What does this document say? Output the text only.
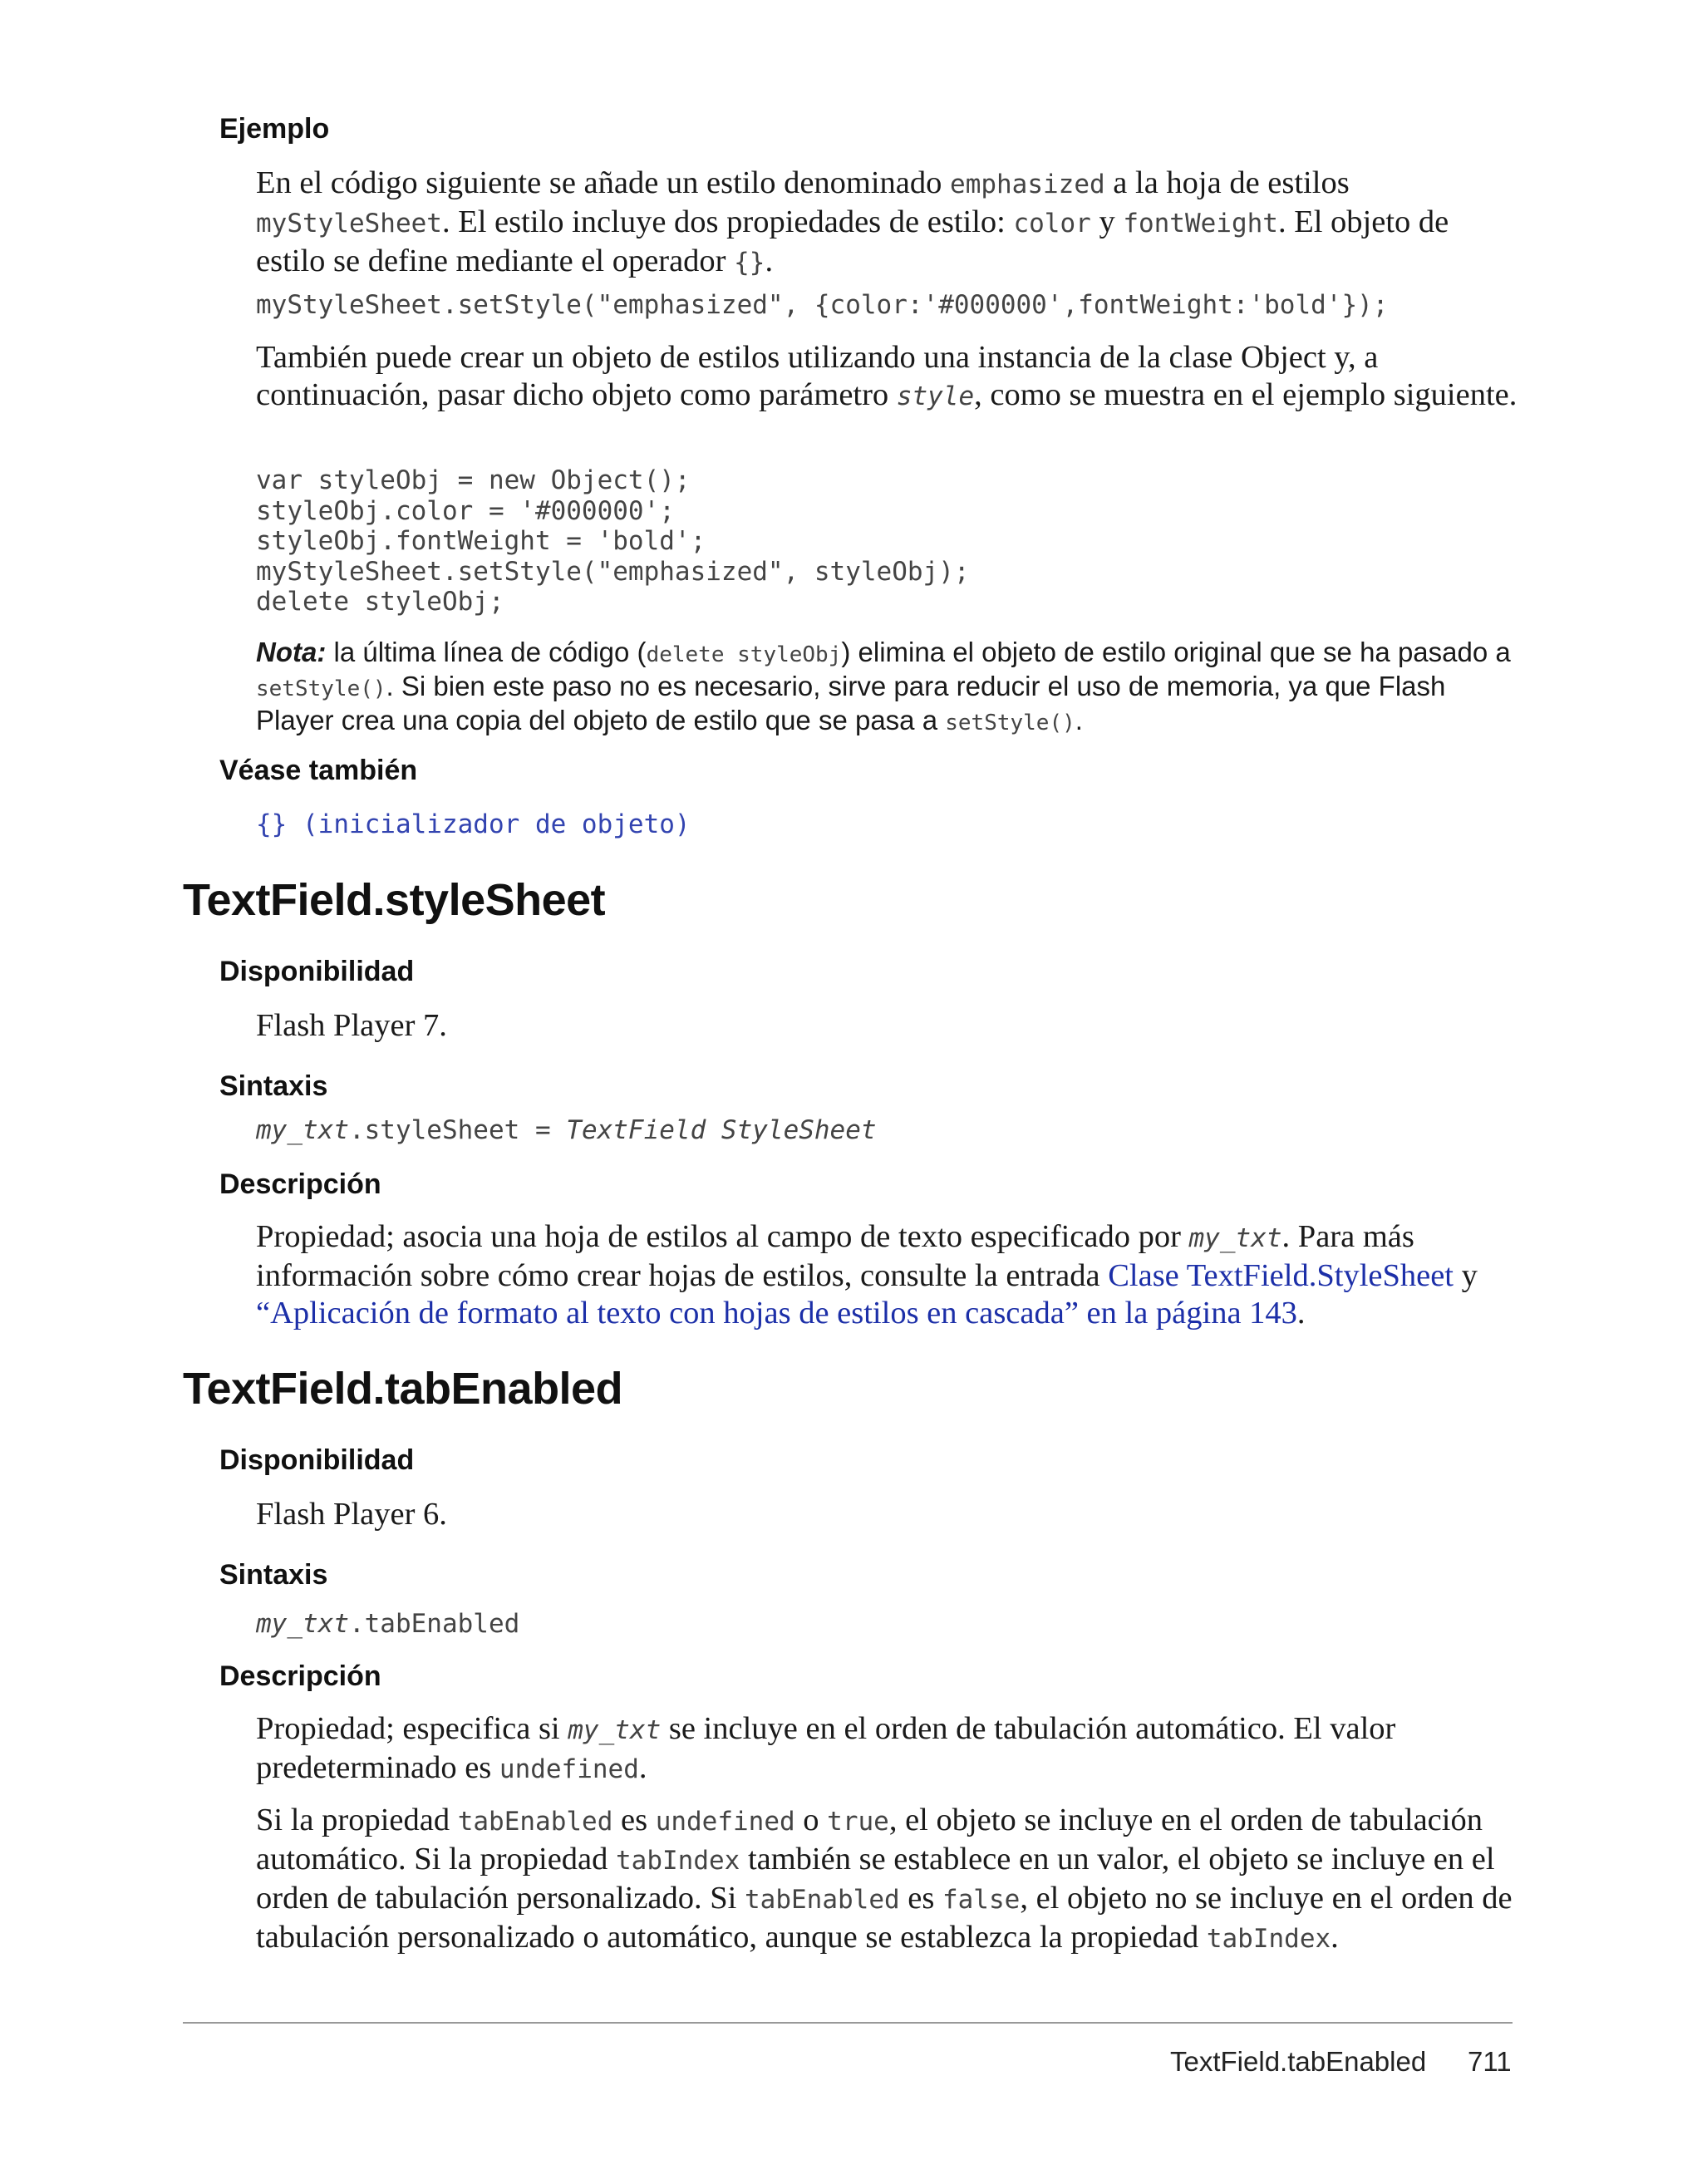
Ejemplo

En el código siguiente se añade un estilo denominado emphasized a la hoja de estilos myStyleSheet. El estilo incluye dos propiedades de estilo: color y fontWeight. El objeto de estilo se define mediante el operador {}.

myStyleSheet.setStyle("emphasized", {color:'#000000',fontWeight:'bold'});

También puede crear un objeto de estilos utilizando una instancia de la clase Object y, a continuación, pasar dicho objeto como parámetro style, como se muestra en el ejemplo siguiente.

var styleObj = new Object();
styleObj.color = '#000000';
styleObj.fontWeight = 'bold';
myStyleSheet.setStyle("emphasized", styleObj);
delete styleObj;

Nota: la última línea de código (delete styleObj) elimina el objeto de estilo original que se ha pasado a setStyle(). Si bien este paso no es necesario, sirve para reducir el uso de memoria, ya que Flash Player crea una copia del objeto de estilo que se pasa a setStyle().

Véase también
{} (inicializador de objeto)
TextField.styleSheet
Disponibilidad

Flash Player 7.

Sintaxis

my_txt.styleSheet = TextField StyleSheet

Descripción

Propiedad; asocia una hoja de estilos al campo de texto especificado por my_txt. Para más información sobre cómo crear hojas de estilos, consulte la entrada Clase TextField.StyleSheet y “Aplicación de formato al texto con hojas de estilos en cascada” en la página 143.

TextField.tabEnabled
Disponibilidad

Flash Player 6.

Sintaxis

my_txt.tabEnabled

Descripción

Propiedad; especifica si my_txt se incluye en el orden de tabulación automático. El valor predeterminado es undefined.

Si la propiedad tabEnabled es undefined o true, el objeto se incluye en el orden de tabulación automático. Si la propiedad tabIndex también se establece en un valor, el objeto se incluye en el orden de tabulación personalizado. Si tabEnabled es false, el objeto no se incluye en el orden de tabulación personalizado o automático, aunque se establezca la propiedad tabIndex.

TextField.tabEnabled 711
